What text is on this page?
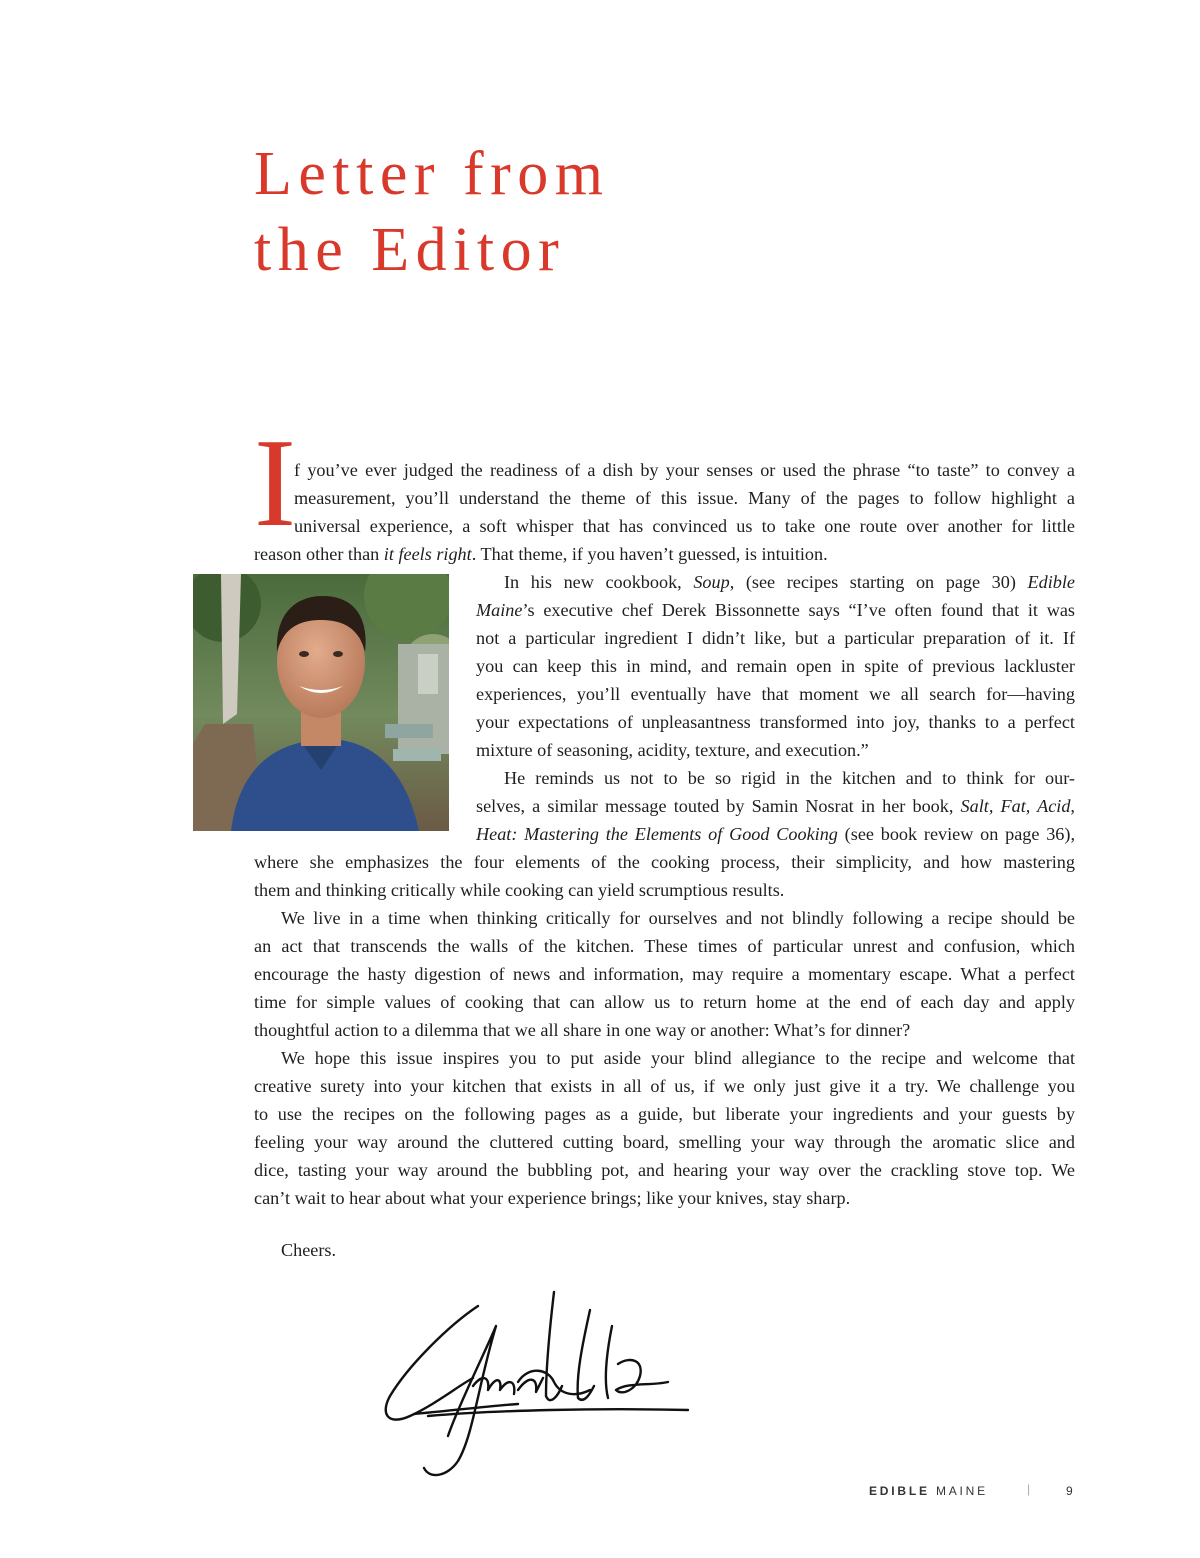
Letter from
the Editor
I
f you’ve ever judged the readiness of a dish by your senses or used the phrase “to taste” to convey a
measurement, you’ll understand the theme of this issue. Many of the pages to follow highlight a
universal experience, a soft whisper that has convinced us to take one route over another for little
reason other than it feels right. That theme, if you haven’t guessed, is intuition.
In his new cookbook, Soup, (see recipes starting on page 30) Edible
Maine’s executive chef Derek Bissonnette says “I’ve often found that it was
not a particular ingredient I didn’t like, but a particular preparation of it. If
you can keep this in mind, and remain open in spite of previous lackluster
experiences, you’ll eventually have that moment we all search for—having
your expectations of unpleasantness transformed into joy, thanks to a perfect
mixture of seasoning, acidity, texture, and execution.”
He reminds us not to be so rigid in the kitchen and to think for our-
selves, a similar message touted by Samin Nosrat in her book, Salt, Fat, Acid,
Heat: Mastering the Elements of Good Cooking (see book review on page 36),
where she emphasizes the four elements of the cooking process, their simplicity, and how mastering
them and thinking critically while cooking can yield scrumptious results.
We live in a time when thinking critically for ourselves and not blindly following a recipe should be
an act that transcends the walls of the kitchen. These times of particular unrest and confusion, which
encourage the hasty digestion of news and information, may require a momentary escape. What a perfect
time for simple values of cooking that can allow us to return home at the end of each day and apply
thoughtful action to a dilemma that we all share in one way or another: What’s for dinner?
We hope this issue inspires you to put aside your blind allegiance to the recipe and welcome that
creative surety into your kitchen that exists in all of us, if we only just give it a try. We challenge you
to use the recipes on the following pages as a guide, but liberate your ingredients and your guests by
feeling your way around the cluttered cutting board, smelling your way through the aromatic slice and
dice, tasting your way around the bubbling pot, and hearing your way over the crackling stove top. We
can’t wait to hear about what your experience brings; like your knives, stay sharp.
Cheers.
EDIBLE MAINE	|	9
